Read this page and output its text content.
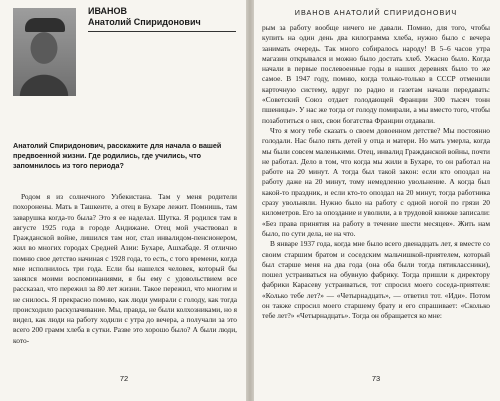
ИВАНОВ
Анатолий Спиридонович
Анатолий Спиридонович, расскажите для начала о вашей предвоенной жизни. Где родились, где учились, что запомнилось из того периода?

Родом я из солнечного Узбекистана. Там у меня родители похоронены. Мать в Ташкенте, а отец в Бухаре лежит. Помнишь, там заварушка когда-то была? Это я ее наделал. Шутка. Я родился там в августе 1925 года в городе Андижане. Отец мой участвовал в Гражданской войне, лишился там ног, стал инвалидом-пенсионером, жил во многих городах Средней Азии: Бухаре, Ашхабаде. Я отлично помню свое детство начиная с 1928 года, то есть, с того времени, когда мне исполнилось три года. Если бы нашелся человек, который бы занялся моими воспоминаниями, я бы ему с удовольствием все рассказал, что пережил за 80 лет жизни. Такое пережил, что многим и не снилось. Я прекрасно помню, как люди умирали с голоду, как тогда происходило раскулачивание. Мы, правда, не были колхозниками, но я видел, как люди на работу ходили с утра до вечера, а получали за это всего 200 грамм хлеба в сутки. Разве это хорошо было? А были люди, кото-

72
ИВАНОВ АНАТОЛИЙ СПИРИДОНОВИЧ

рым за работу вообще ничего не давали. Помню, для того, чтобы купить на один день два килограмма хлеба, нужно было с вечера занимать очередь. Так много собиралось народу! В 5–6 часов утра магазин открывался и можно было достать хлеб. Ужасно было. Когда начали в первые послевоенные годы в наших деревнях было то же самое. В 1947 году, помню, когда только-только в СССР отменили карточную систему, вдруг по радио и газетам начали передавать: «Советский Союз отдает голодающей Франции 300 тысяч тонн пшеницы». У нас же тогда от голоду помирали, а мы вместо того, чтобы позаботиться о них, свои богатства Франции отдавали.

Что я могу тебе сказать о своем довоенном детстве? Мы постоянно голодали. Нас было пять детей у отца и матери. Но мать умерла, когда мы были совсем маленькими. Отец, инвалид Гражданской войны, почти не работал. Дело в том, что когда мы жили в Бухаре, то он работал на работе на 20 минут. А тогда был такой закон: если кто опоздал на работу даже на 20 минут, тому немедленно увольнение. А когда был какой-то праздник, и если кто-то опоздал на 20 минут, тогда работника сразу увольняли. Нужно было на работу с одной ногой по грязи 20 километров. Его за опоздание и уволили, а в трудовой книжке записали: «Без права принятия на работу в течение шести месяцев». Жить нам было, по сути дела, не на что.

В январе 1937 года, когда мне было всего двенадцать лет, я вместе со своим старшим братом и соседским мальчишкой-приятелем, который был старше меня на два года (она оба были тогда пятиклассники), пошел устраиваться на обувную фабрику. Тогда пришли к директору фабрики Карасеву устраиваться, тот спросил моего соседа-приятеля: «Колько тебе лет?» — «Четырнадцать», — ответил тот. «Иди». Потом он также спросил моего старшему брату и его спрашивает: «Сколько тебе лет?» «Четырнадцать». Тогда он обращается ко мне:

73
